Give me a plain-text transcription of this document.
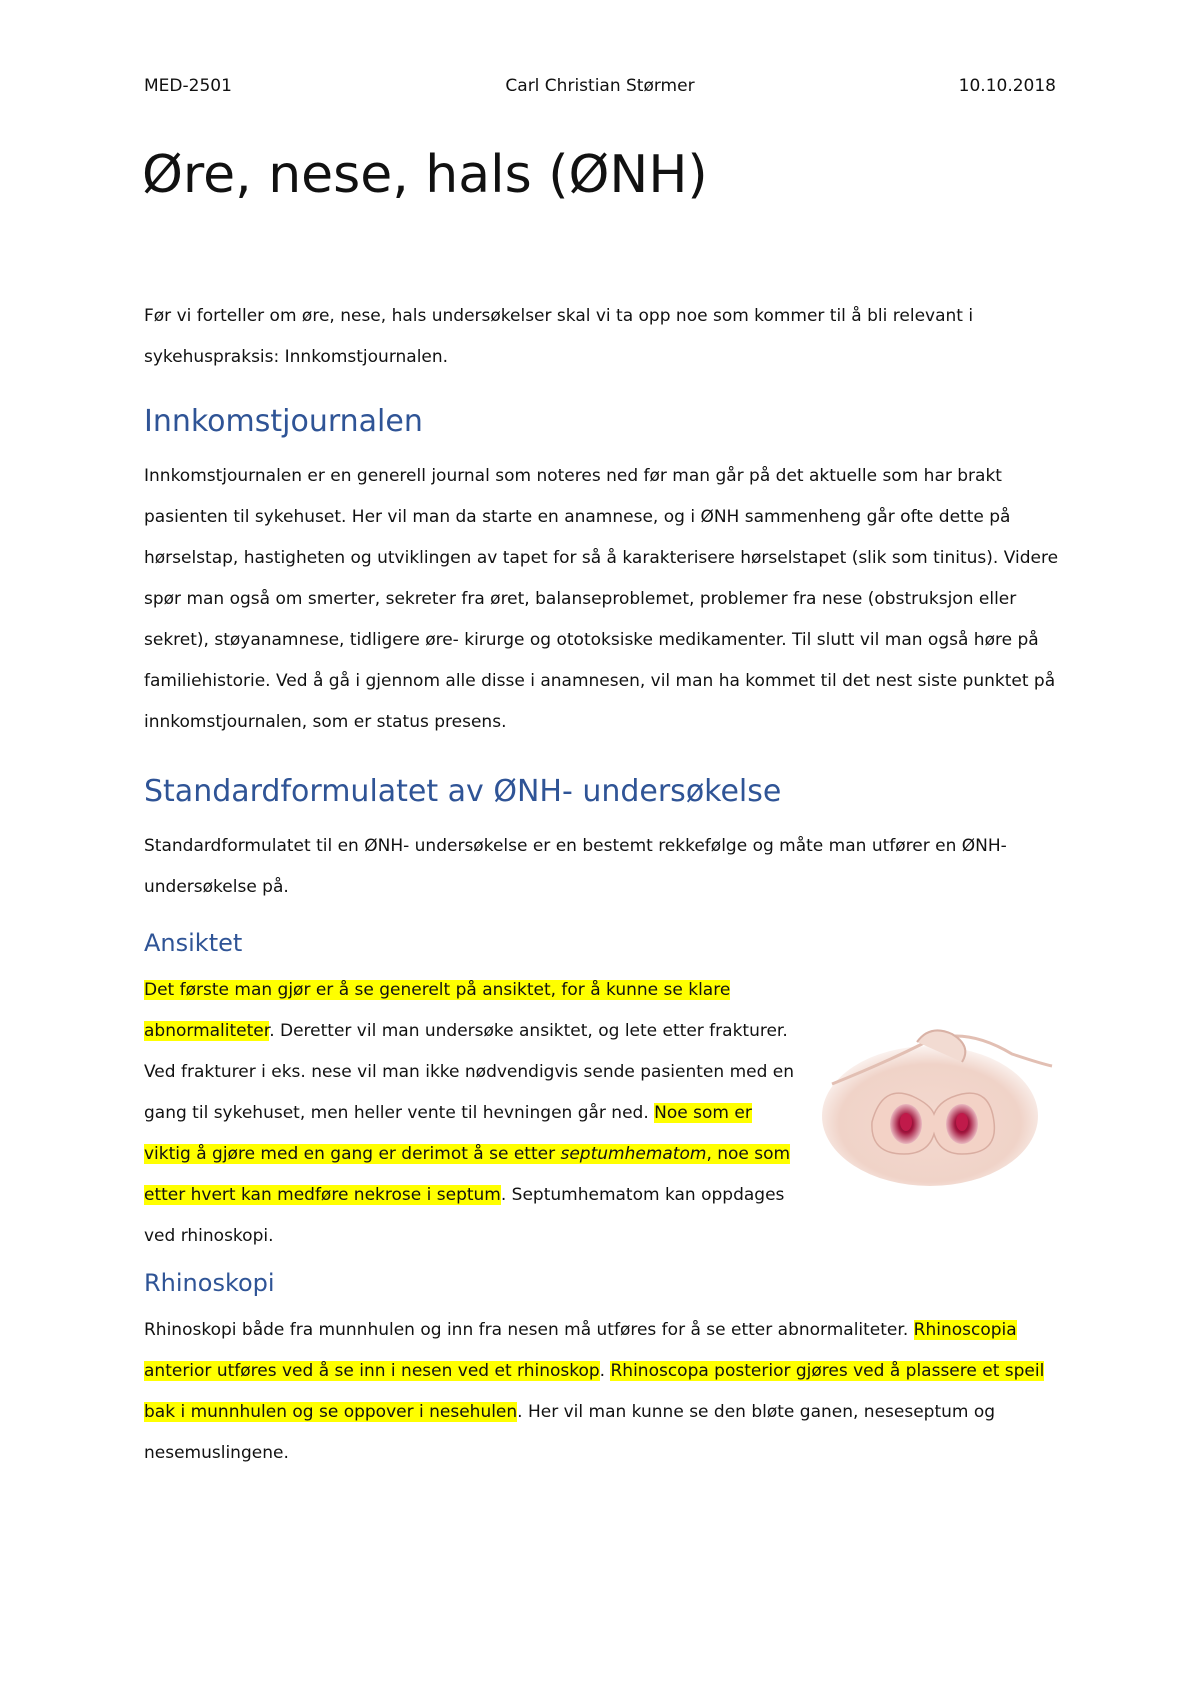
MED-2501	Carl Christian Størmer	10.10.2018
Øre, nese, hals (ØNH)

Før vi forteller om øre, nese, hals undersøkelser skal vi ta opp noe som kommer til å bli relevant i sykehuspraksis: Innkomstjournalen.

Innkomstjournalen

Innkomstjournalen er en generell journal som noteres ned før man går på det aktuelle som har brakt pasienten til sykehuset. Her vil man da starte en anamnese, og i ØNH sammenheng går ofte dette på hørselstap, hastigheten og utviklingen av tapet for så å karakterisere hørselstapet (slik som tinitus). Videre spør man også om smerter, sekreter fra øret, balanseproblemet, problemer fra nese (obstruksjon eller sekret), støyanamnese, tidligere øre- kirurge og ototoksiske medikamenter. Til slutt vil man også høre på familiehistorie. Ved å gå i gjennom alle disse i anamnesen, vil man ha kommet til det nest siste punktet på innkomstjournalen, som er status presens.

Standardformulatet av ØNH- undersøkelse

Standardformulatet til en ØNH- undersøkelse er en bestemt rekkefølge og måte man utfører en ØNH- undersøkelse på.

Ansiktet

Det første man gjør er å se generelt på ansiktet, for å kunne se klare abnormaliteter. Deretter vil man undersøke ansiktet, og lete etter frakturer. Ved frakturer i eks. nese vil man ikke nødvendigvis sende pasienten med en gang til sykehuset, men heller vente til hevningen går ned. Noe som er viktig å gjøre med en gang er derimot å se etter septumhematom, noe som etter hvert kan medføre nekrose i septum. Septumhematom kan oppdages ved rhinoskopi.

Rhinoskopi

Rhinoskopi både fra munnhulen og inn fra nesen må utføres for å se etter abnormaliteter. Rhinoscopia anterior utføres ved å se inn i nesen ved et rhinoskop. Rhinoscopa posterior gjøres ved å plassere et speil bak i munnhulen og se oppover i nesehulen. Her vil man kunne se den bløte ganen, neseseptum og nesemuslingene.
